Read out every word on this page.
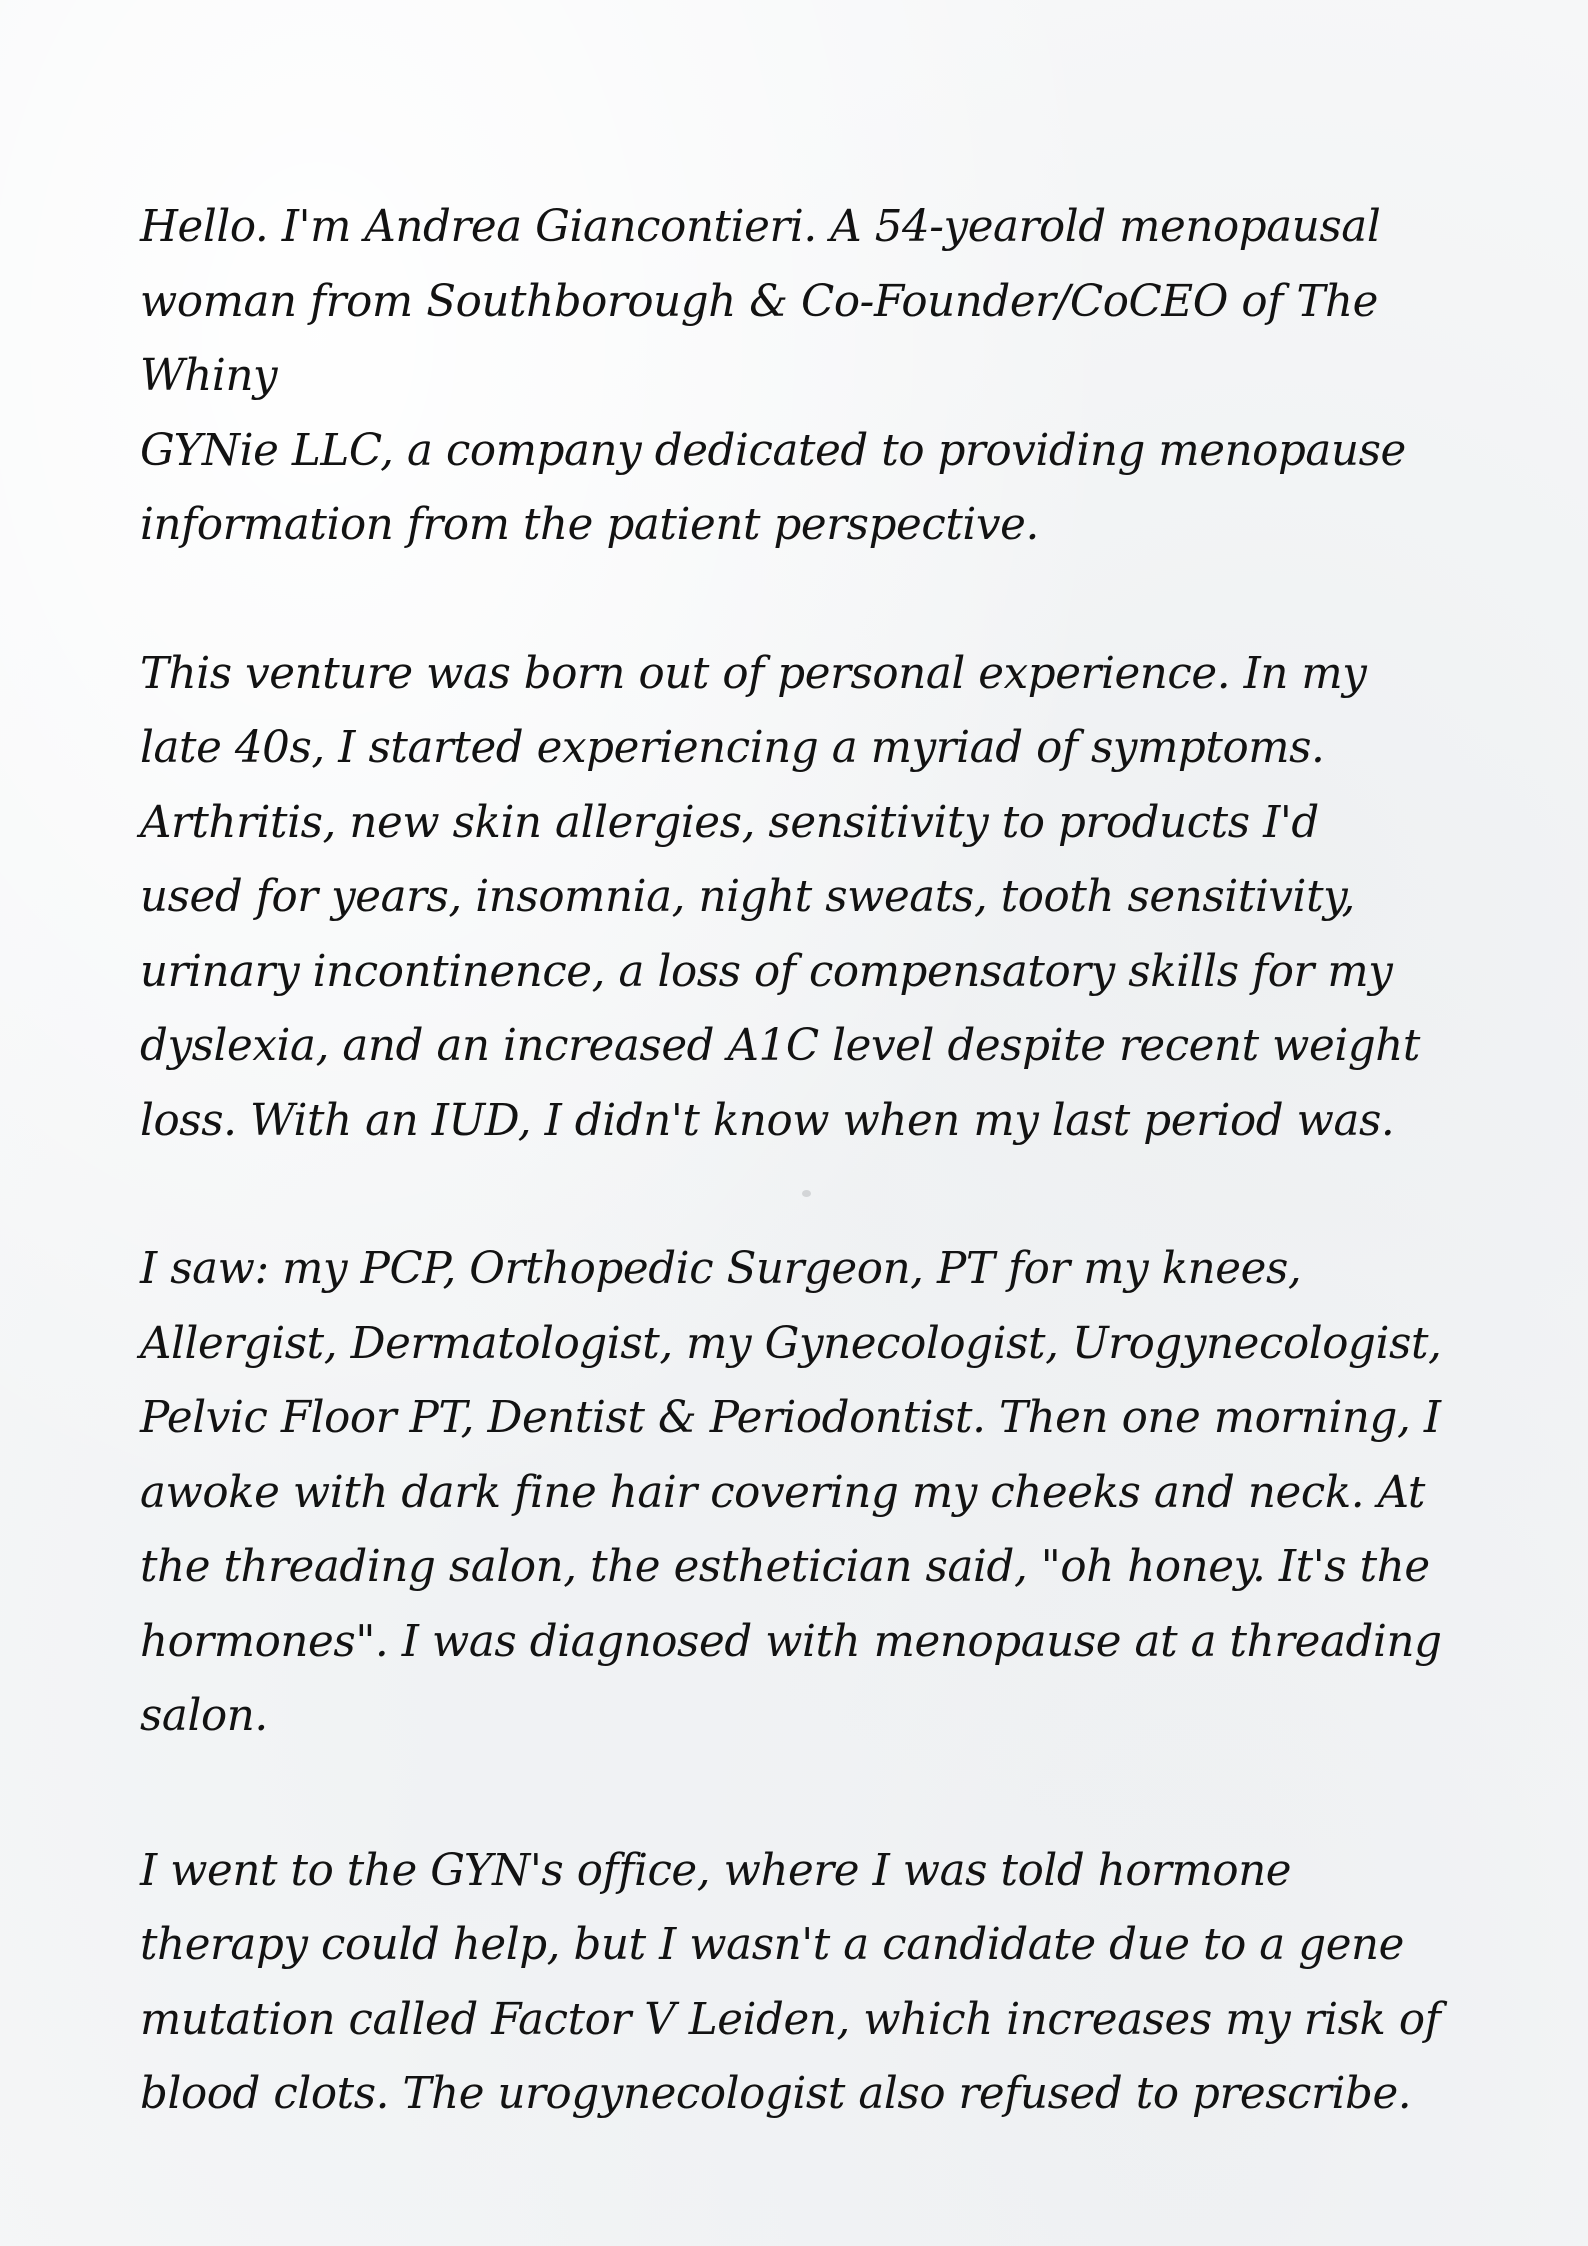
Hello. I'm Andrea Giancontieri. A 54-yearold menopausal
woman from Southborough & Co-Founder/CoCEO of The Whiny
GYNie LLC, a company dedicated to providing menopause
information from the patient perspective.

This venture was born out of personal experience. In my
late 40s, I started experiencing a myriad of symptoms.
Arthritis, new skin allergies, sensitivity to products I'd
used for years, insomnia, night sweats, tooth sensitivity,
urinary incontinence, a loss of compensatory skills for my
dyslexia, and an increased A1C level despite recent weight
loss. With an IUD, I didn't know when my last period was.

I saw: my PCP, Orthopedic Surgeon, PT for my knees,
Allergist, Dermatologist, my Gynecologist, Urogynecologist,
Pelvic Floor PT, Dentist & Periodontist. Then one morning, I
awoke with dark fine hair covering my cheeks and neck. At
the threading salon, the esthetician said, "oh honey. It's the
hormones". I was diagnosed with menopause at a threading
salon.

I went to the GYN's office, where I was told hormone
therapy could help, but I wasn't a candidate due to a gene
mutation called Factor V Leiden, which increases my risk of
blood clots. The urogynecologist also refused to prescribe.
